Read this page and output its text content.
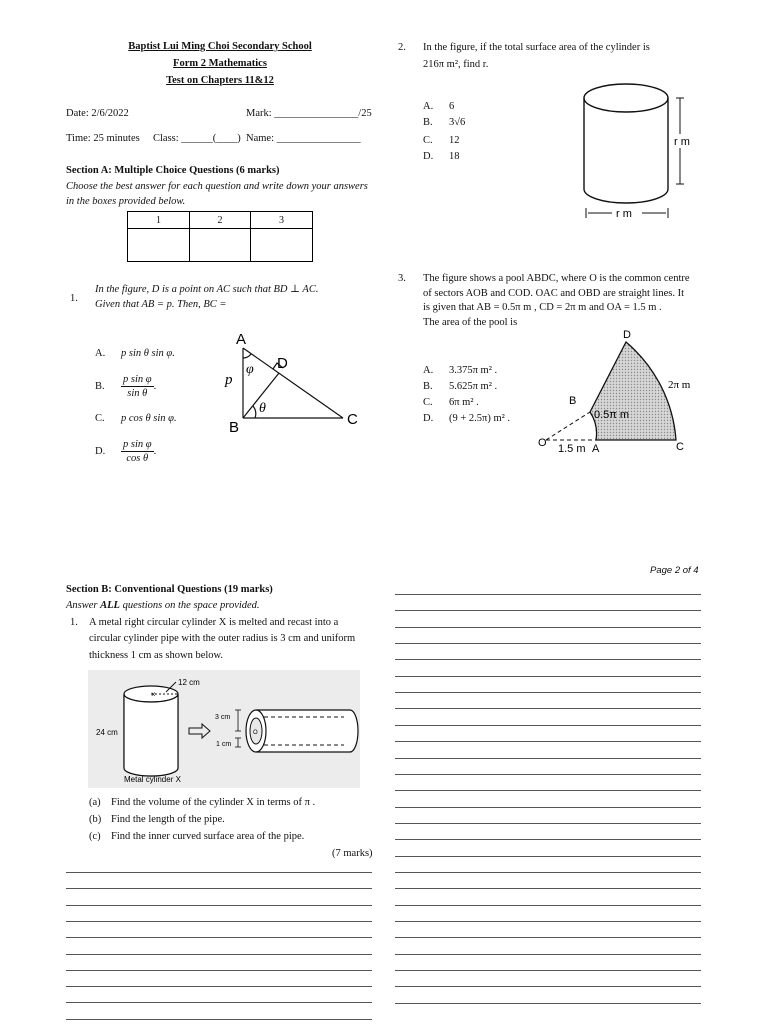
Baptist Lui Ming Choi Secondary School
Form 2 Mathematics
Test on Chapters 11&12
Date: 2/6/2022	Mark: ________________/25
Time: 25 minutes Class: ______(____) Name: ________________
Section A: Multiple Choice Questions (6 marks)
Choose the best answer for each question and write down your answers
in the boxes provided below.
1	2	3

1.
In the figure, D is a point on AC such that BD ⊥ AC.
Given that AB = p. Then, BC =
A. p sin θ sin φ.
B. $\frac{\text{p sin φ}}{\text{sin θ}}$ .
C. p cos θ sin φ.
D. $\frac{\text{p sin φ}}{\text{cos θ}}$ .
A
B	C
D
p
φ
θ
2. In the figure, if the total surface area of the cylinder is
216π m², find r.
A. 6
B. 3√6
C. 12
D. 18
r m
r m
3. The figure shows a pool ABDC, where O is the common centre
of sectors AOB and COD. OAC and OBD are straight lines. It
is given that AB = 0.5π m , CD = 2π m and OA = 1.5 m .
The area of the pool is
A. 3.375π m² .
B. 5.625π m² .
C. 6π m² .
D. (9 + 2.5π) m² .
D
2π m
B
0.5π m
O 1.5 m A	C
Page 2 of 4
Section B: Conventional Questions (19 marks)
Answer ALL questions on the space provided.
1. A metal right circular cylinder X is melted and recast into a
circular cylinder pipe with the outer radius is 3 cm and uniform
thickness 1 cm as shown below.
×
12 cm
24 cm
Metal cylinder X
3 cm
1 cm
O
(a) Find the volume of the cylinder X in terms of π .
(b) Find the length of the pipe.
(c) Find the inner curved surface area of the pipe.
(7 marks)
